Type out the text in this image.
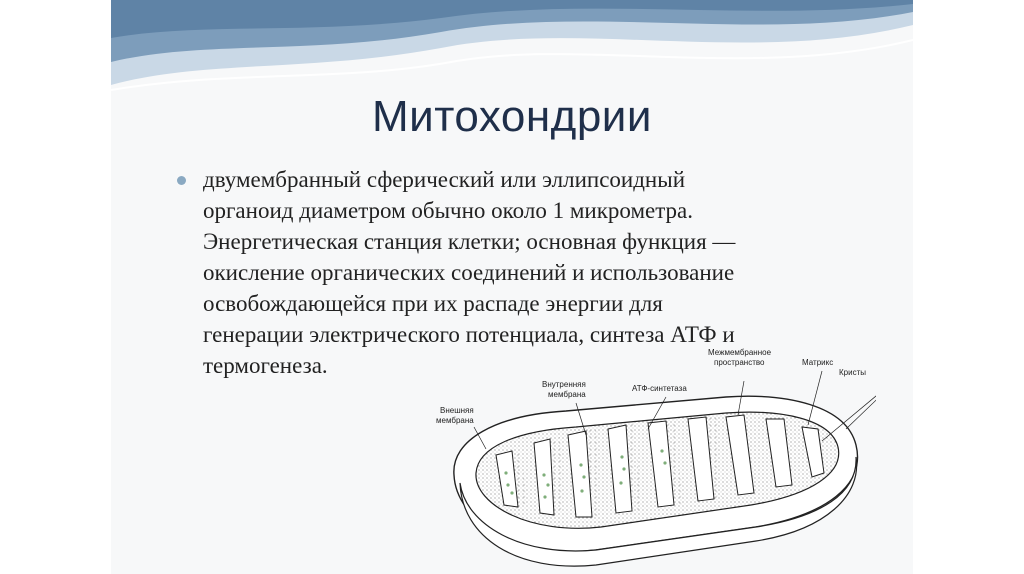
Митохондрии
двумембранный сферический или эллипсоидный
органоид диаметром обычно около 1 микрометра.
Энергетическая станция клетки; основная функция —
окисление органических соединений и использование
освобождающейся при их распаде энергии для
генерации электрического потенциала, синтеза АТФ и
термогенеза.
Внешняя
мембрана
Внутренняя
мембрана
АТФ-синтетаза
Межмембранное
пространство	Матрикс
Кристы
